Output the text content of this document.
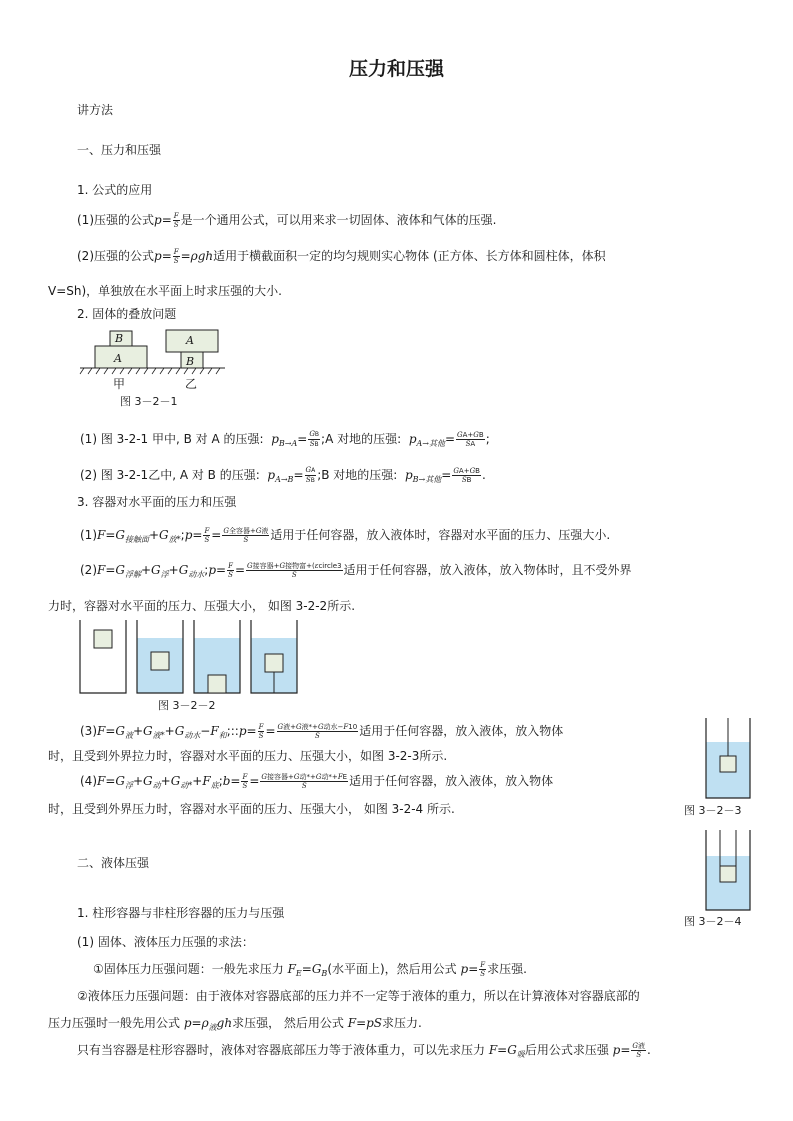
压力和压强
讲方法
一、压力和压强
1. 公式的应用
(1)压强的公式$p= \frac{F}{S}$ 是一个通用公式，可以用来求一切固体、液体和气体的压强.
(2)压强的公式$p= \frac{F}{S} =\rho gh$适用于横截面积一定的均匀规则实心物体 (正方体、长方体和圆柱体，体积
V=Sh)，单独放在水平面上时求压强的大小.
2. 固体的叠放问题
B
A
A
B
甲	乙
图 3－2－1
(1) 图 3-2-1 甲中, B 对 A 的压强: $p_{B\to A}= \frac{GB}{SB}$ ;A 对地的压强: $p_{A\to 其他}= \frac{GA+GB}{SA}$ ;
(2) 图 3-2-1乙中, A 对 B 的压强: $p_{A\to B}= \frac{GA}{SB}$ ;B 对地的压强: $p_{B\to 其他}= \frac{GA+GB}{SB}$ .
3. 容器对水平面的压力和压强
$(1)F=G_{接触面}+G_{放*};p= \frac{F}{S} = \frac{\text{G全容器+G液}}{S}$ 适用于任何容器，放入液体时，容器对水平面的压力、压强大小.
$(2)F=G_{浮解}+G_浮+G_{动水};p= \frac{F}{S} = \frac{\text{G接容器+G接物富+(εcircle3}}{S}$ 适用于任何容器，放入液体，放入物体时，且不受外界
力时，容器对水平面的压力、压强大小， 如图 3-2-2所示.
图 3－2－2
$(3)F=G_液+G_{液*}+G_{动水}-F_和;::p= \frac{F}{S} = \frac{\text{G液+G液*+G动水−F10}}{S}$ 适用于任何容器，放入液体，放入物体
时，且受到外界拉力时，容器对水平面的压力、压强大小，如图 3-2-3所示.
$(4)F=G_浮+G_动+G_{动*}+F_底;b= \frac{F}{S} = \frac{\text{G接容器+G动*+G动*+FE}}{S}$ 适用于任何容器，放入液体，放入物体
时，且受到外界压力时，容器对水平面的压力、压强大小， 如图 3-2-4 所示.	图 3－2－3
二、液体压强
图 3－2－4
1. 柱形容器与非柱形容器的压力与压强
(1) 固体、液体压力压强的求法：
①固体压力压强问题：一般先求压力 $F_E=G_B$(水平面上)，然后用公式 $p= \frac{F}{S}$ 求压强.
②液体压力压强问题：由于液体对容器底部的压力并不一定等于液体的重力，所以在计算液体对容器底部的
压力压强时一般先用公式 $p=\rho_液gh$求压强， 然后用公式 F=pS求压力.
只有当容器是柱形容器时，液体对容器底部压力等于液体重力，可以先求压力 $F=G_吸$后用公式求压强 $p= \frac{\text{G液}}{S}$ .
